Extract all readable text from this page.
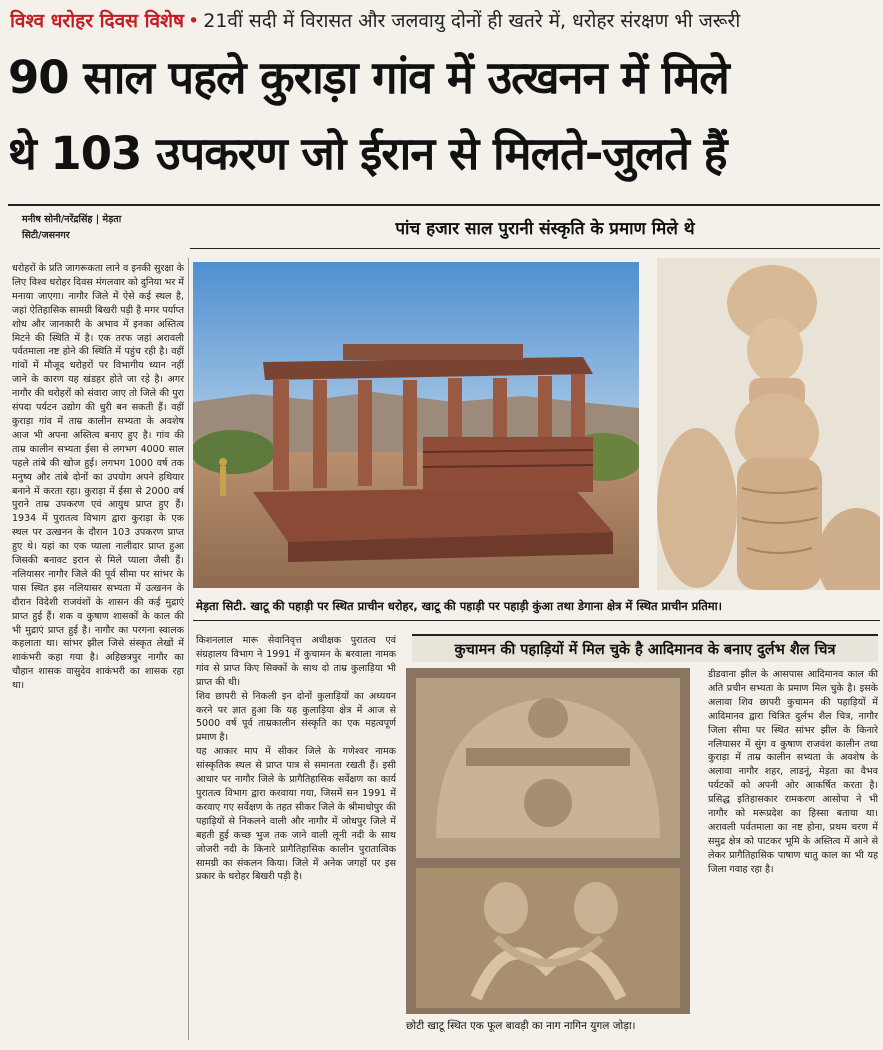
विश्व धरोहर दिवस विशेष • 21वीं सदी में विरासत और जलवायु दोनों ही खतरे में, धरोहर संरक्षण भी जरूरी
90 साल पहले कुराड़ा गांव में उत्खनन में मिले
थे 103 उपकरण जो ईरान से मिलते-जुलते हैं
मनीष सोनी/नरेंद्रसिंह | मेड़ता
सिटी/जसनगर	पांच हजार साल पुरानी संस्कृति के प्रमाण मिले थे
धरोहरों के प्रति जागरूकता लाने व इनकी सुरक्षा के लिए विश्व धरोहर दिवस मंगलवार को दुनिया भर में मनाया जाएगा। नागौर जिले में ऐसे कई स्थल है, जहां ऐतिहासिक सामग्री बिखरी पड़ी है मगर पर्याप्त शोध और जानकारी के अभाव में इनका अस्तित्व मिटने की स्थिति में है। एक तरफ जहां अरावली पर्वतमाला नष्ट होने की स्थिति में पहुंच रही है। वहीं गांवों में मौजूद धरोहरों पर विभागीय ध्यान नहीं जाने के कारण यह खंडहर होते जा रहे है। अगर नागौर की धरोहरों को संवारा जाए तो जिले की पुरा संपदा पर्यटन उद्योग की धुरी बन सकती हैं। वहीं कुराड़ा गांव में ताम्र कालीन सभ्यता के अवशेष आज भी अपना अस्तित्व बनाए हुए है। गांव की ताम्र कालीन सभ्यता ईसा से लगभग 4000 साल पहले तांबे की खोज हुई। लगभग 1000 वर्ष तक मनुष्य और तांबे दोनों का उपयोग अपने हथियार बनाने में करता रहा। कुराड़ा में ईसा से 2000 वर्ष पुराने ताम्र उपकरण एवं आयुध प्राप्त हुए हैं। 1934 में पुरातत्व विभाग द्वारा कुराड़ा के एक स्थल पर उत्खनन के दौरान 103 उपकरण प्राप्त हुए थे। यहां का एक प्याला नालीदार प्राप्त हुआ जिसकी बनावट इरान से मिले प्याला जैसी हैं। नलियासर नागौर जिले की पूर्व सीमा पर सांभर के पास स्थित इस नलियासर सभ्यता में उत्खनन के दौरान विदेशी राजवंशों के शासन की कई मुद्राएं प्राप्त हुई हैं। शक व कुषाण शासकों के काल की भी मुद्राएं प्राप्त हुई है। नागौर का परगना स्वालक कहलाता था। सांभर झील जिसे संस्कृत लेखों में शाकंभरी कहा गया है। अहिछत्रपुर नागौर का चौहान शासक वासुदेव शाकंभरी का शासक रहा था।
मेड़ता सिटी. खाटू की पहाड़ी पर स्थित प्राचीन धरोहर, खाटू की पहाड़ी पर पहाड़ी कुंआ तथा डेगाना क्षेत्र में स्थित प्राचीन प्रतिमा।
किशनलाल मारू सेवानिवृत्त अधीक्षक पुरातत्व एवं संग्रहालय विभाग ने 1991 में कुचामन के बरवाला नामक गांव से प्राप्त किए सिक्कों के साथ दो ताम्र कुलाड़िया भी प्राप्त की थी।
शिव छापरी से निकली इन दोनों कुलाड़ियों का अध्ययन करने पर ज्ञात हुआ कि यह कुलाड़िया क्षेत्र में आज से 5000 वर्ष पूर्व ताम्रकालीन संस्कृति का एक महत्वपूर्ण प्रमाण है।
यह आकार माप में सीकर जिले के गणेश्वर नामक सांस्कृतिक स्थल से प्राप्त पात्र से समानता रखती हैं। इसी आधार पर नागौर जिले के प्रागैतिहासिक सर्वेक्षण का कार्य पुरातत्व विभाग द्वारा करवाया गया, जिसमें सन 1991 में करवाए गए सर्वेक्षण के तहत सीकर जिले के श्रीमाधोपुर की पहाड़ियों से निकलने वाली और नागौर में जोधपुर जिले में बहती हुई कच्छ भुज तक जाने वाली लूनी नदी के साथ जोजरी नदी के किनारे प्रागैतिहासिक कालीन पुरातात्विक सामग्री का संकलन किया। जिले में अनेक जगहों पर इस प्रकार के धरोहर बिखरी पड़ी है।
कुचामन की पहाड़ियों में मिल चुके है आदिमानव के बनाए दुर्लभ शैल चित्र
छोटी खाटू स्थित एक फूल बावड़ी का नाग नागिन युगल जोड़ा।
डीडवाना झील के आसपास आदिमानव काल की अति प्रचीन सभ्यता के प्रमाण मिल चुके है। इसके अलावा शिव छापरी कुचामन की पहाड़ियों में आदिमानव द्वारा चित्रित दुर्लभ शैल चित्र, नागौर जिला सीमा पर स्थित सांभर झील के किनारे नलियासर में सुंग व कुषाण राजवंश कालीन तथा कुराड़ा में ताम्र कालीन सभ्यता के अवशेष के अलावा नागौर शहर, लाडनूं, मेड़ता का वैभव पर्यटकों को अपनी ओर आकर्षित करता है। प्रसिद्ध इतिहासकार रामकरण आसोपा ने भी नागौर को मरूप्रदेश का हिस्सा बताया था। अरावली पर्वतमाला का नष्ट होना, प्रथम चरण में समुद्र क्षेत्र को पाटकर भूमि के अस्तित्व में आने से लेकर प्रागैतिहासिक पाषाण धातु काल का भी यह जिला गवाह रहा है।
